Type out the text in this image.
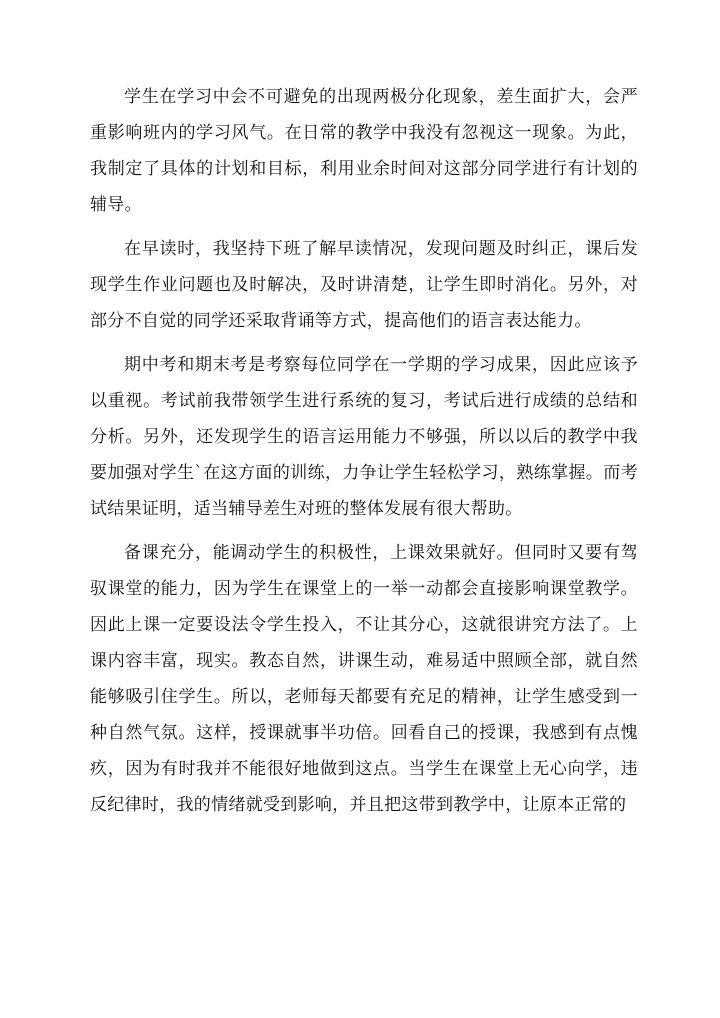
学生在学习中会不可避免的出现两极分化现象，差生面扩大，会严重影响班内的学习风气。在日常的教学中我没有忽视这一现象。为此，我制定了具体的计划和目标，利用业余时间对这部分同学进行有计划的辅导。

在早读时，我坚持下班了解早读情况，发现问题及时纠正，课后发现学生作业问题也及时解决，及时讲清楚，让学生即时消化。另外，对部分不自觉的同学还采取背诵等方式，提高他们的语言表达能力。

期中考和期末考是考察每位同学在一学期的学习成果，因此应该予以重视。考试前我带领学生进行系统的复习，考试后进行成绩的总结和分析。另外，还发现学生的语言运用能力不够强，所以以后的教学中我要加强对学生`在这方面的训练，力争让学生轻松学习，熟练掌握。而考试结果证明，适当辅导差生对班的整体发展有很大帮助。

备课充分，能调动学生的积极性，上课效果就好。但同时又要有驾驭课堂的能力，因为学生在课堂上的一举一动都会直接影响课堂教学。因此上课一定要设法令学生投入，不让其分心，这就很讲究方法了。上课内容丰富，现实。教态自然，讲课生动，难易适中照顾全部，就自然能够吸引住学生。所以，老师每天都要有充足的精神，让学生感受到一种自然气氛。这样，授课就事半功倍。回看自己的授课，我感到有点愧疚，因为有时我并不能很好地做到这点。当学生在课堂上无心向学，违反纪律时，我的情绪就受到影响，并且把这带到教学中，让原本正常的
